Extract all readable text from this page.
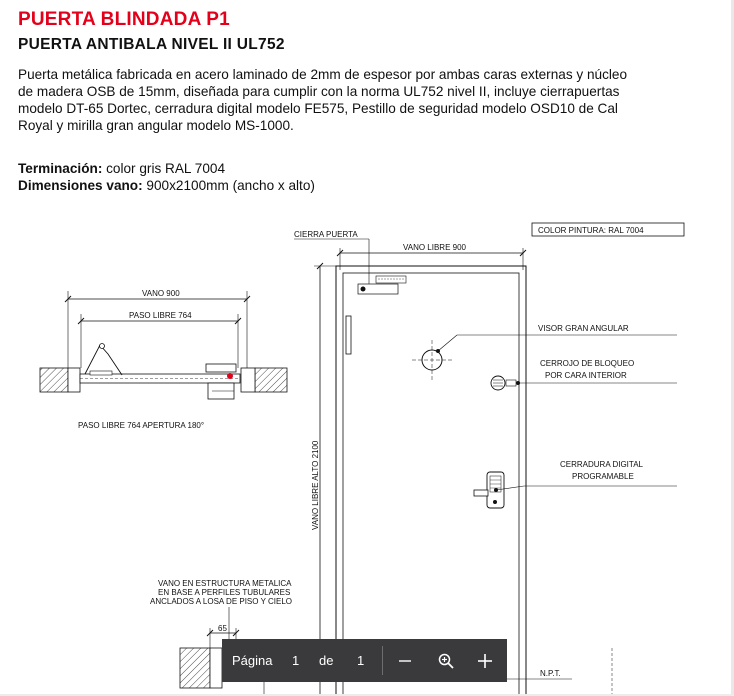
PUERTA BLINDADA P1
PUERTA ANTIBALA NIVEL II UL752
Puerta metálica fabricada en acero laminado de 2mm de espesor por ambas caras externas y núcleo
de madera OSB de 15mm, diseñada para cumplir con la norma UL752 nivel II, incluye cierrapuertas
modelo DT-65 Dortec, cerradura digital modelo FE575, Pestillo de seguridad modelo OSD10 de Cal
Royal y mirilla gran angular modelo MS-1000.
Terminación: color gris RAL 7004
Dimensiones vano: 900x2100mm (ancho x alto)
VANO 900
PASO LIBRE 764
PASO LIBRE 764 APERTURA 180°
COLOR PINTURA: RAL 7004
CIERRA PUERTA
VANO LIBRE 900
VANO LIBRE ALTO 2100
VISOR GRAN ANGULAR
CERROJO DE BLOQUEO
POR CARA INTERIOR
CERRADURA DIGITAL
PROGRAMABLE
N.P.T.
VANO EN ESTRUCTURA METALICA
EN BASE A PERFILES TUBULARES
ANCLADOS A LOSA DE PISO Y CIELO
65
Página 1 de 1
